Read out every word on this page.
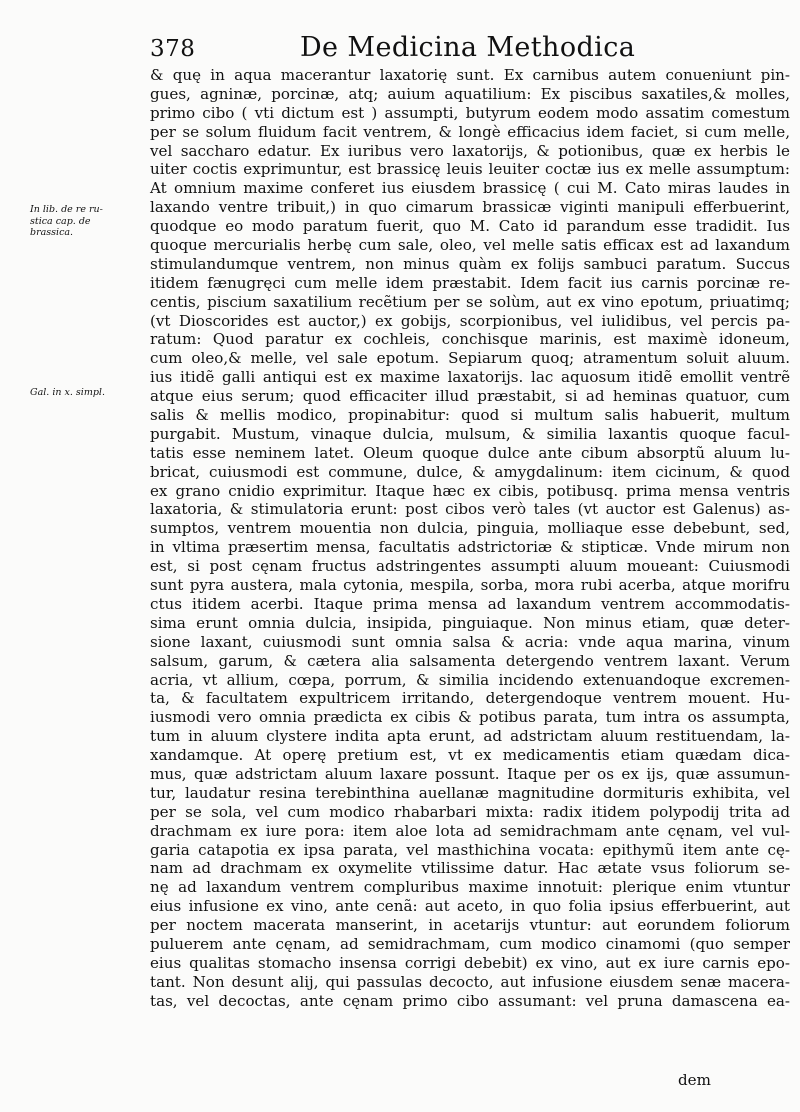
378	De Medicina Methodica
In lib. de re ru-
stica cap. de
brassica.
Gal. in x. simpl.
& quę in aqua macerantur laxatorię sunt. Ex carnibus autem conueniunt pin-
gues, agninæ, porcinæ, atq; auium aquatilium: Ex piscibus saxatiles,& molles,
primo cibo ( vti dictum est ) assumpti, butyrum eodem modo assatim comestum
per se solum fluidum facit ventrem, & longè efficacius idem faciet, si cum melle,
vel saccharo edatur. Ex iuribus vero laxatorijs, & potionibus, quæ ex herbis le
uiter coctis exprimuntur, est brassicę leuis leuiter coctæ ius ex melle assumptum:
At omnium maxime conferet ius eiusdem brassicę ( cui M. Cato miras laudes in
laxando ventre tribuit,) in quo cimarum brassicæ viginti manipuli efferbuerint,
quodque eo modo paratum fuerit, quo M. Cato id parandum esse tradidit. Ius
quoque mercurialis herbę cum sale, oleo, vel melle satis efficax est ad laxandum
stimulandumque ventrem, non minus quàm ex folijs sambuci paratum. Succus
itidem fænugręci cum melle idem præstabit. Idem facit ius carnis porcinæ re-
centis, piscium saxatilium recẽtium per se solùm, aut ex vino epotum, priuatimq;
(vt Dioscorides est auctor,) ex gobijs, scorpionibus, vel iulidibus, vel percis pa-
ratum: Quod paratur ex cochleis, conchisque marinis, est maximè idoneum,
cum oleo,& melle, vel sale epotum. Sepiarum quoq; atramentum soluit aluum.
ius itidẽ galli antiqui est ex maxime laxatorijs. lac aquosum itidẽ emollit ventrẽ
atque eius serum; quod efficaciter illud præstabit, si ad heminas quatuor, cum
salis & mellis modico, propinabitur: quod si multum salis habuerit, multum
purgabit. Mustum, vinaque dulcia, mulsum, & similia laxantis quoque facul-
tatis esse neminem latet. Oleum quoque dulce ante cibum absorptũ aluum lu-
bricat, cuiusmodi est commune, dulce, & amygdalinum: item cicinum, & quod
ex grano cnidio exprimitur. Itaque hæc ex cibis, potibusq. prima mensa ventris
laxatoria, & stimulatoria erunt: post cibos verò tales (vt auctor est Galenus) as-
sumptos, ventrem mouentia non dulcia, pinguia, molliaque esse debebunt, sed,
in vltima præsertim mensa, facultatis adstrictoriæ & stipticæ. Vnde mirum non
est, si post cęnam fructus adstringentes assumpti aluum moueant: Cuiusmodi
sunt pyra austera, mala cytonia, mespila, sorba, mora rubi acerba, atque morifru
ctus itidem acerbi. Itaque prima mensa ad laxandum ventrem accommodatis-
sima erunt omnia dulcia, insipida, pinguiaque. Non minus etiam, quæ deter-
sione laxant, cuiusmodi sunt omnia salsa & acria: vnde aqua marina, vinum
salsum, garum, & cætera alia salsamenta detergendo ventrem laxant. Verum
acria, vt allium, cœpa, porrum, & similia incidendo extenuandoque excremen-
ta, & facultatem expultricem irritando, detergendoque ventrem mouent. Hu-
iusmodi vero omnia prædicta ex cibis & potibus parata, tum intra os assumpta,
tum in aluum clystere indita apta erunt, ad adstrictam aluum restituendam, la-
xandamque. At operę pretium est, vt ex medicamentis etiam quædam dica-
mus, quæ adstrictam aluum laxare possunt. Itaque per os ex ijs, quæ assumun-
tur, laudatur resina terebinthina auellanæ magnitudine dormituris exhibita, vel
per se sola, vel cum modico rhabarbari mixta: radix itidem polypodij trita ad
drachmam ex iure pora: item aloe lota ad semidrachmam ante cęnam, vel vul-
garia catapotia ex ipsa parata, vel masthichina vocata: epithymũ item ante cę-
nam ad drachmam ex oxymelite vtilissime datur. Hac ætate vsus foliorum se-
nę ad laxandum ventrem compluribus maxime innotuit: plerique enim vtuntur
eius infusione ex vino, ante cenã: aut aceto, in quo folia ipsius efferbuerint, aut
per noctem macerata manserint, in acetarijs vtuntur: aut eorundem foliorum
puluerem ante cęnam, ad semidrachmam, cum modico cinamomi (quo semper
eius qualitas stomacho insensa corrigi debebit) ex vino, aut ex iure carnis epo-
tant. Non desunt alij, qui passulas decocto, aut infusione eiusdem senæ macera-
tas, vel decoctas, ante cęnam primo cibo assumant: vel pruna damascena ea-
dem
